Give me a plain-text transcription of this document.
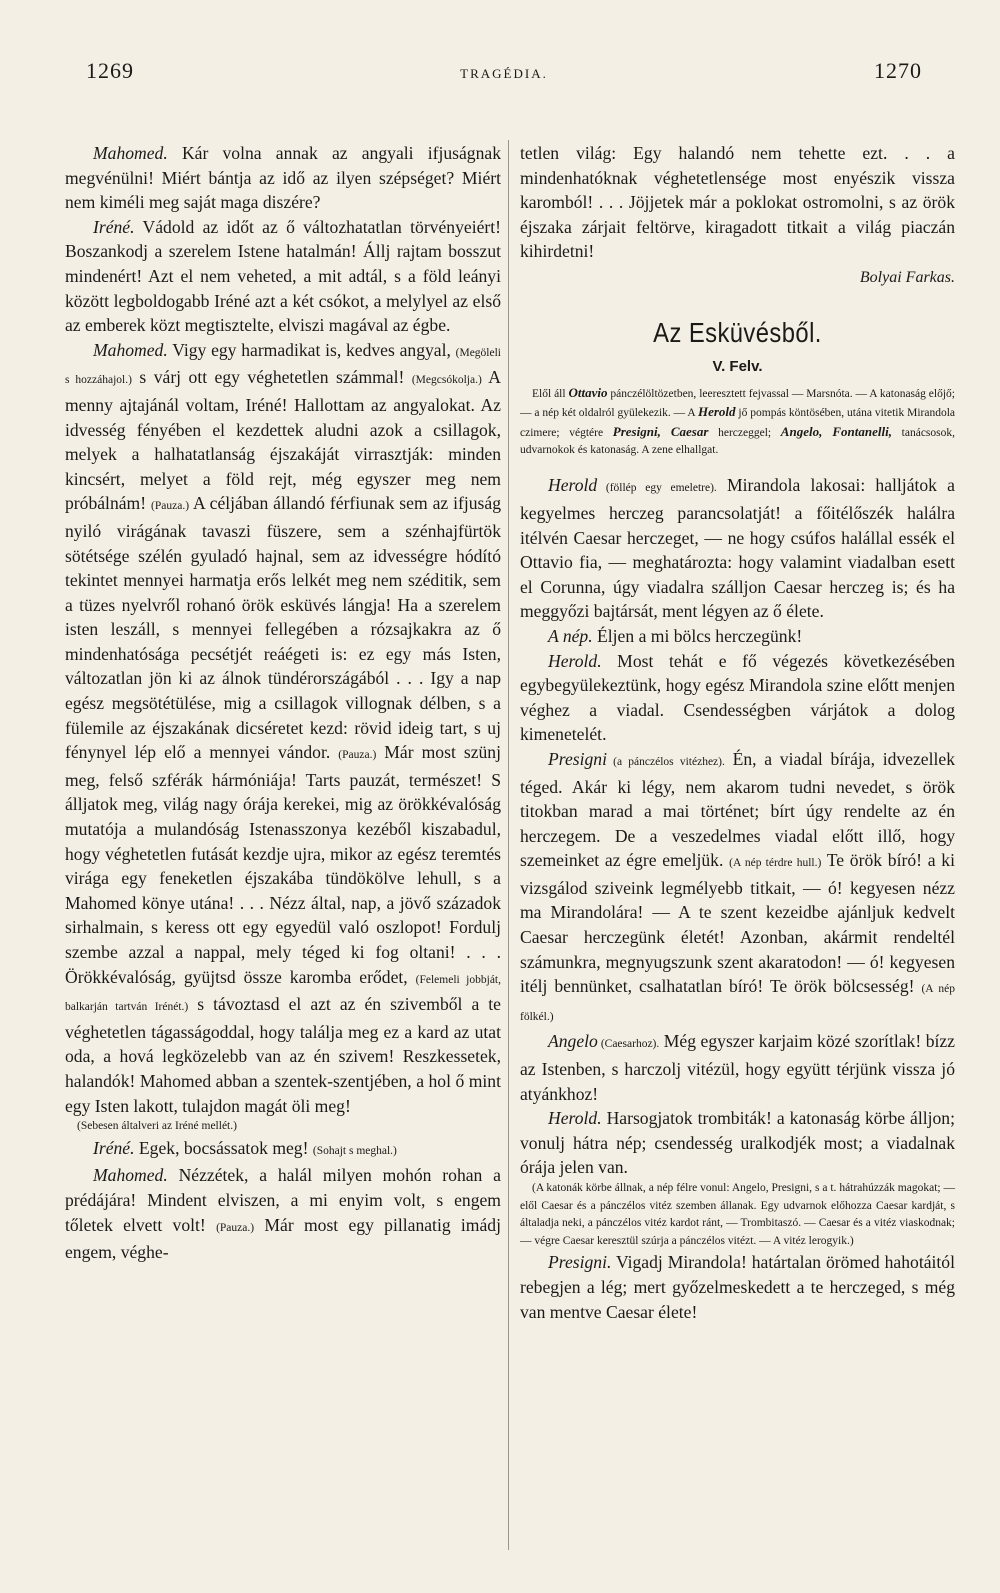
1269	TRAGÉDIA.	1270

Mahomed. Kár volna annak az angyali ifjuságnak megvénülni! Miért bántja az idő az ilyen szépséget? Miért nem kiméli meg saját maga diszére?

Iréné. Vádold az időt az ő változhatatlan törvényeiért! Boszankodj a szerelem Istene hatalmán! Állj rajtam bosszut mindenért! Azt el nem veheted, a mit adtál, s a föld leányi között legboldogabb Iréné azt a két csókot, a melylyel az első az emberek közt megtisztelte, elviszi magával az égbe.

Mahomed. Vigy egy harmadikat is, kedves angyal, (Megöleli s hozzáhajol.) s várj ott egy véghetetlen számmal! (Megcsókolja.) A menny ajtajánál voltam, Iréné! Hallottam az angyalokat. Az idvesség fényében el kezdettek aludni azok a csillagok, melyek a halhatatlanság éjszakáját virrasztják: minden kincsért, melyet a föld rejt, még egyszer meg nem próbálnám! (Pauza.) A céljában állandó férfiunak sem az ifjuság nyiló virágának tavaszi füszere, sem a szénhajfürtök sötétsége szélén gyuladó hajnal, sem az idvességre hódító tekintet mennyei harmatja erős lelkét meg nem széditik, sem a tüzes nyelvről rohanó örök esküvés lángja! Ha a szerelem isten leszáll, s mennyei fellegében a rózsajkakra az ő mindenhatósága pecsétjét reáégeti is: ez egy más Isten, változatlan jön ki az álnok tündérországából . . . Igy a nap egész megsötétülése, mig a csillagok villognak délben, s a fülemile az éjszakának dicséretet kezd: rövid ideig tart, s uj fénynyel lép elő a mennyei vándor. (Pauza.) Már most szünj meg, felső szférák hármóniája! Tarts pauzát, természet! S álljatok meg, világ nagy órája kerekei, mig az örökkévalóság mutatója a mulandóság Istenasszonya kezéből kiszabadul, hogy véghetetlen futását kezdje ujra, mikor az egész teremtés virága egy feneketlen éjszakába tündökölve lehull, s a Mahomed könye utána! . . . Nézz által, nap, a jövő századok sirhalmain, s keress ott egy egyedül való oszlopot! Fordulj szembe azzal a nappal, mely téged ki fog oltani! . . . Örökkévalóság, gyüjtsd össze karomba erődet, (Felemeli jobbját, balkarján tartván Irénét.) s távoztasd el azt az én szivemből a te véghetetlen tágasságoddal, hogy találja meg ez a kard az utat oda, a hová legközelebb van az én szivem! Reszkessetek, halandók! Mahomed abban a szentek-szentjében, a hol ő mint egy Isten lakott, tulajdon magát öli meg!

(Sebesen általveri az Iréné mellét.)

Iréné. Egek, bocsássatok meg! (Sohajt s meghal.)

Mahomed. Nézzétek, a halál milyen mohón rohan a prédájára! Mindent elviszen, a mi enyim volt, s engem tőletek elvett volt! (Pauza.) Már most egy pillanatig imádj engem, véghe-

tetlen világ: Egy halandó nem tehette ezt. . . a mindenhatóknak véghetetlensége most enyészik vissza karomból! . . . Jöjjetek már a poklokat ostromolni, s az örök éjszaka zárjait feltörve, kiragadott titkait a világ piaczán kihirdetni!

Bolyai Farkas.

Az Esküvésből.

V. Felv.

Elől áll Ottavio pánczélöltözetben, leeresztett fejvassal — Marsnóta. — A katonaság előjő; — a nép két oldalról gyülekezik. — A Herold jő pompás köntösében, utána vitetik Mirandola czimere; végtére Presigni, Caesar herczeggel; Angelo, Fontanelli, tanácsosok, udvarnokok és katonaság. A zene elhallgat.

Herold (föllép egy emeletre). Mirandola lakosai: halljátok a kegyelmes herczeg parancsolatját! a főitélőszék halálra itélvén Caesar herczeget, — ne hogy csúfos halállal essék el Ottavio fia, — meghatározta: hogy valamint viadalban esett el Corunna, úgy viadalra szálljon Caesar herczeg is; és ha meggyőzi bajtársát, ment légyen az ő élete.

A nép. Éljen a mi bölcs herczegünk!

Herold. Most tehát e fő végezés következésében egybegyülekeztünk, hogy egész Mirandola szine előtt menjen véghez a viadal. Csendességben várjátok a dolog kimenetelét.

Presigni (a pánczélos vitézhez). Én, a viadal bírája, idvezellek téged. Akár ki légy, nem akarom tudni nevedet, s örök titokban marad a mai történet; bírt úgy rendelte az én herczegem. De a veszedelmes viadal előtt illő, hogy szemeinket az égre emeljük. (A nép térdre hull.) Te örök bíró! a ki vizsgálod sziveink legmélyebb titkait, — ó! kegyesen nézz ma Mirandolára! — A te szent kezeidbe ajánljuk kedvelt Caesar herczegünk életét! Azonban, akármit rendeltél számunkra, megnyugszunk szent akaratodon! — ó! kegyesen itélj bennünket, csalhatatlan bíró! Te örök bölcsesség! (A nép fölkél.)

Angelo (Caesarhoz). Még egyszer karjaim közé szorítlak! bízz az Istenben, s harczolj vitézül, hogy együtt térjünk vissza jó atyánkhoz!

Herold. Harsogjatok trombiták! a katonaság körbe álljon; vonulj hátra nép; csendesség uralkodjék most; a viadalnak órája jelen van.

(A katonák körbe állnak, a nép félre vonul: Angelo, Presigni, s a t. hátrahúzzák magokat; — elől Caesar és a pánczélos vitéz szemben állanak. Egy udvarnok előhozza Caesar kardját, s általadja neki, a pánczélos vitéz kardot ránt, — Trombitaszó. — Caesar és a vitéz viaskodnak; — végre Caesar keresztül szúrja a pánczélos vitézt. — A vitéz lerogyik.)

Presigni. Vigadj Mirandola! határtalan örömed hahotáitól rebegjen a lég; mert győzelmeskedett a te herczeged, s még van mentve Caesar élete!
